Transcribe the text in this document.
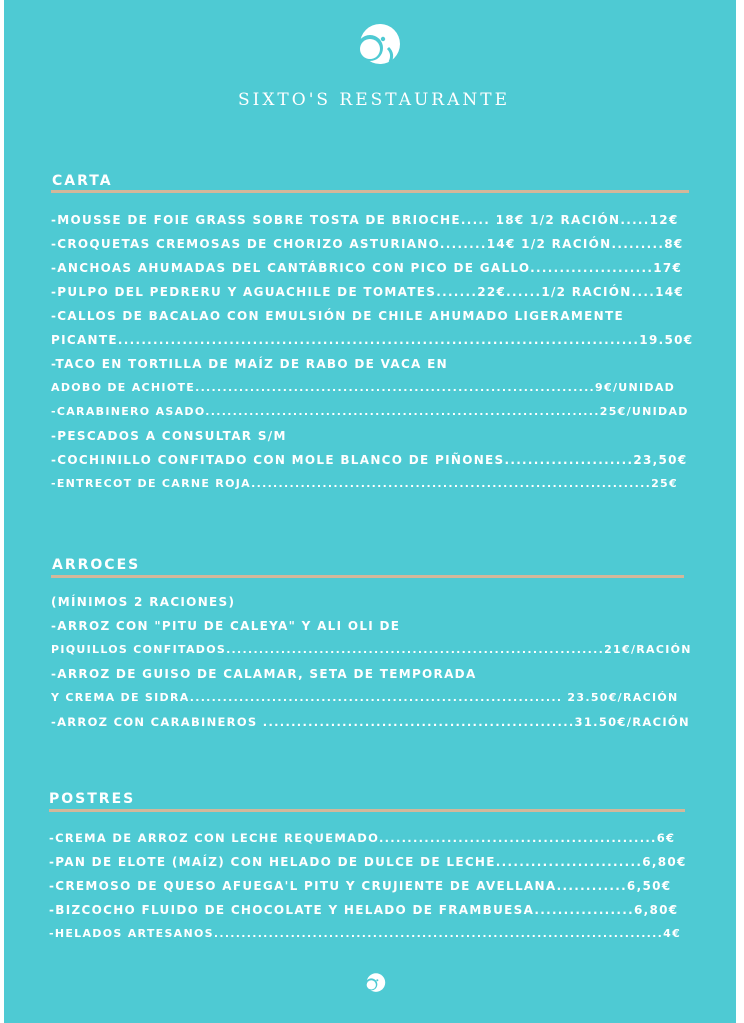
SIXTO'S RESTAURANTE
CARTA
-MOUSSE DE FOIE GRASS SOBRE TOSTA DE BRIOCHE..... 18€ 1/2 RACIÓN.....12€
-CROQUETAS CREMOSAS DE CHORIZO ASTURIANO........14€ 1/2 RACIÓN.........8€
-ANCHOAS AHUMADAS DEL CANTÁBRICO CON PICO DE GALLO.....................17€
-PULPO DEL PEDRERU Y AGUACHILE DE TOMATES.......22€......1/2 RACIÓN....14€
-CALLOS DE BACALAO CON EMULSIÓN DE CHILE AHUMADO LIGERAMENTE
PICANTE.........................................................................................19.50€
-TACO EN TORTILLA DE MAÍZ DE RABO DE VACA EN
ADOBO DE ACHIOTE.........................................................................9€/UNIDAD
-CARABINERO ASADO........................................................................25€/UNIDAD
-PESCADOS A CONSULTAR S/M
-COCHINILLO CONFITADO CON MOLE BLANCO DE PIÑONES......................23,50€
-ENTRECOT DE CARNE ROJA.........................................................................25€
ARROCES
(MÍNIMOS 2 RACIONES)
-ARROZ CON "PITU DE CALEYA" Y ALI OLI DE
PIQUILLOS CONFITADOS.....................................................................21€/RACIÓN
-ARROZ DE GUISO DE CALAMAR, SETA DE TEMPORADA
Y CREMA DE SIDRA.................................................................... 23.50€/RACIÓN
-ARROZ CON CARABINEROS .......................................................31.50€/RACIÓN
POSTRES
-CREMA DE ARROZ CON LECHE REQUEMADO.................................................6€
-PAN DE ELOTE (MAÍZ) CON HELADO DE DULCE DE LECHE.........................6,80€
-CREMOSO DE QUESO AFUEGA'L PITU Y CRUJIENTE DE AVELLANA............6,50€
-BIZCOCHO FLUIDO DE CHOCOLATE Y HELADO DE FRAMBUESA.................6,80€
-HELADOS ARTESANOS..................................................................................4€
